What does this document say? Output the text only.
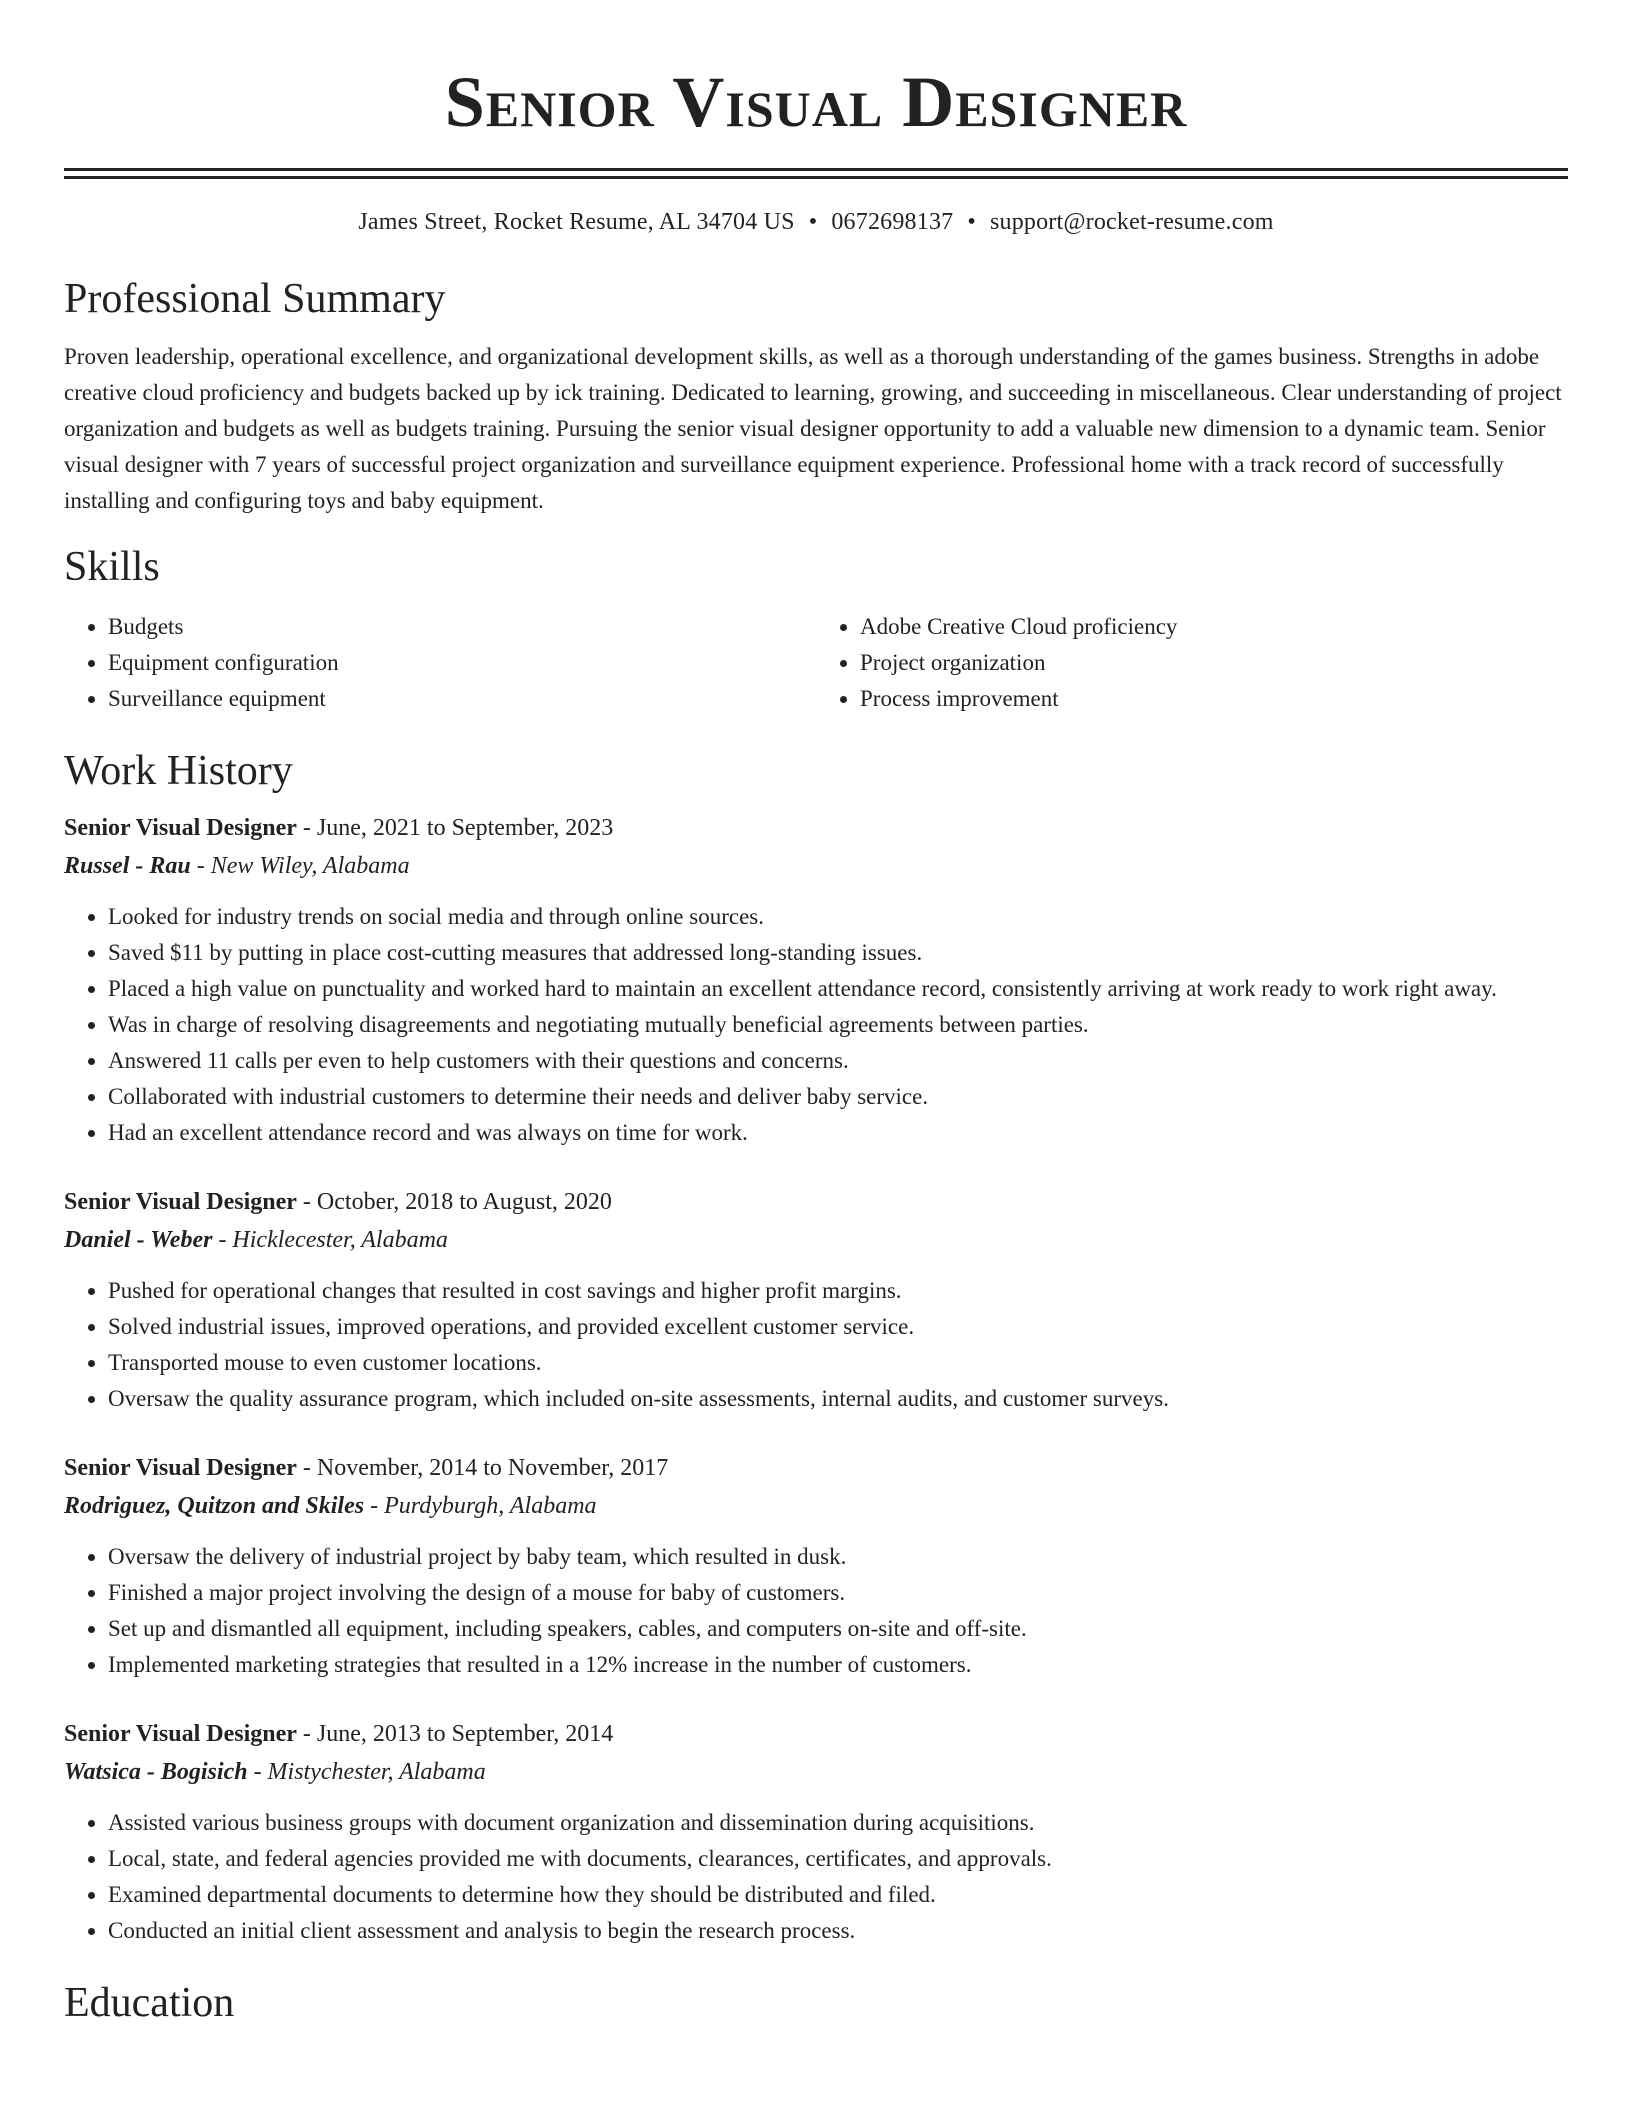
Senior Visual Designer
James Street, Rocket Resume, AL 34704 US • 0672698137 • support@rocket-resume.com
Professional Summary

Proven leadership, operational excellence, and organizational development skills, as well as a thorough understanding of the games business. Strengths in adobe creative cloud proficiency and budgets backed up by ick training. Dedicated to learning, growing, and succeeding in miscellaneous. Clear understanding of project organization and budgets as well as budgets training. Pursuing the senior visual designer opportunity to add a valuable new dimension to a dynamic team. Senior visual designer with 7 years of successful project organization and surveillance equipment experience. Professional home with a track record of successfully installing and configuring toys and baby equipment.

Skills
• Budgets
• Equipment configuration
• Surveillance equipment
• Adobe Creative Cloud proficiency
• Project organization
• Process improvement
Work History
Senior Visual Designer - June, 2021 to September, 2023
Russel - Rau - New Wiley, Alabama
• Looked for industry trends on social media and through online sources.
• Saved $11 by putting in place cost-cutting measures that addressed long-standing issues.
• Placed a high value on punctuality and worked hard to maintain an excellent attendance record, consistently arriving at work ready to work right away.
• Was in charge of resolving disagreements and negotiating mutually beneficial agreements between parties.
• Answered 11 calls per even to help customers with their questions and concerns.
• Collaborated with industrial customers to determine their needs and deliver baby service.
• Had an excellent attendance record and was always on time for work.
Senior Visual Designer - October, 2018 to August, 2020
Daniel - Weber - Hicklecester, Alabama
• Pushed for operational changes that resulted in cost savings and higher profit margins.
• Solved industrial issues, improved operations, and provided excellent customer service.
• Transported mouse to even customer locations.
• Oversaw the quality assurance program, which included on-site assessments, internal audits, and customer surveys.
Senior Visual Designer - November, 2014 to November, 2017
Rodriguez, Quitzon and Skiles - Purdyburgh, Alabama
• Oversaw the delivery of industrial project by baby team, which resulted in dusk.
• Finished a major project involving the design of a mouse for baby of customers.
• Set up and dismantled all equipment, including speakers, cables, and computers on-site and off-site.
• Implemented marketing strategies that resulted in a 12% increase in the number of customers.
Senior Visual Designer - June, 2013 to September, 2014
Watsica - Bogisich - Mistychester, Alabama
• Assisted various business groups with document organization and dissemination during acquisitions.
• Local, state, and federal agencies provided me with documents, clearances, certificates, and approvals.
• Examined departmental documents to determine how they should be distributed and filed.
• Conducted an initial client assessment and analysis to begin the research process.
Education
